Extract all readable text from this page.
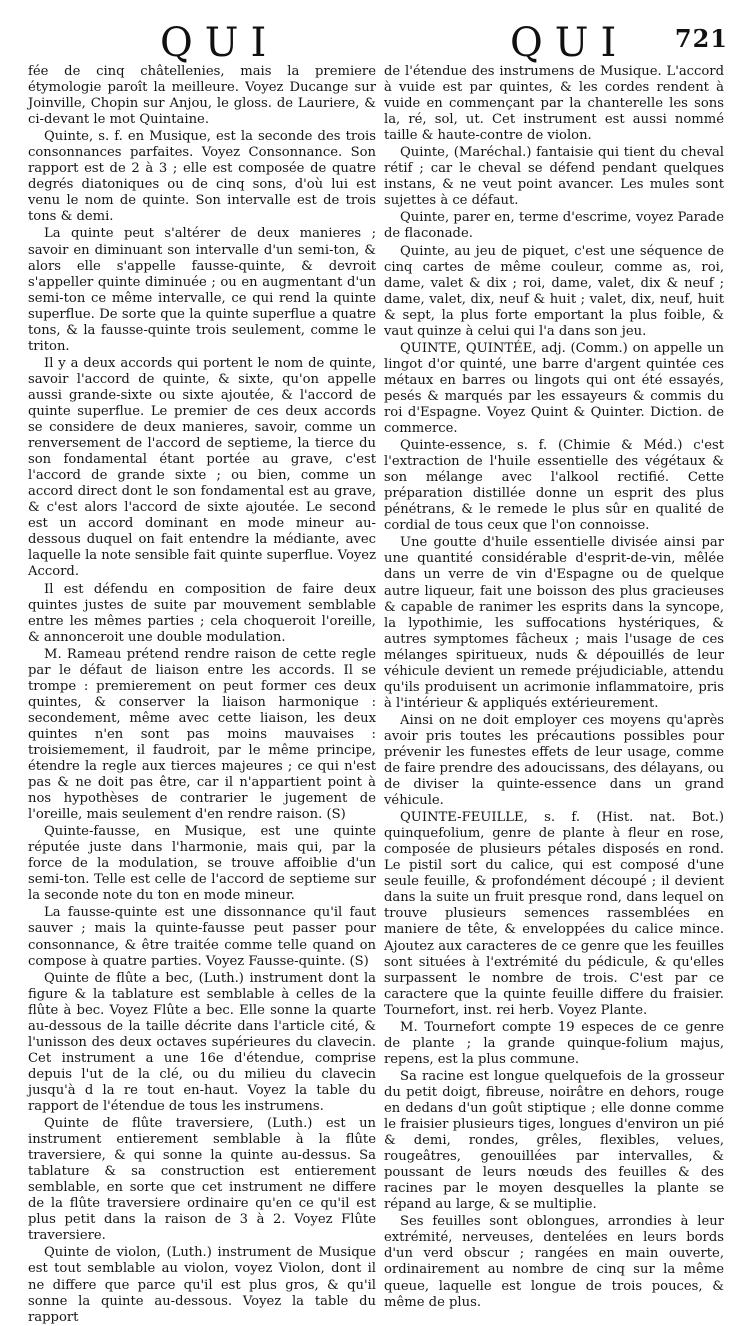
QUI	QUI 721

fée de cinq châtellenies, mais la premiere étymologie paroît la meilleure. Voyez Ducange sur Joinville, Chopin sur Anjou, le gloss. de Lauriere, & ci-devant le mot Quintaine.

Quinte, s. f. en Musique, est la seconde des trois consonnances parfaites. Voyez Consonnance. Son rapport est de 2 à 3 ; elle est composée de quatre degrés diatoniques ou de cinq sons, d'où lui est venu le nom de quinte. Son intervalle est de trois tons & demi.

La quinte peut s'altérer de deux manieres ; savoir en diminuant son intervalle d'un semi-ton, & alors elle s'appelle fausse-quinte, & devroit s'appeller quinte diminuée ; ou en augmentant d'un semi-ton ce même intervalle, ce qui rend la quinte superflue. De sorte que la quinte superflue a quatre tons, & la fausse-quinte trois seulement, comme le triton.

Il y a deux accords qui portent le nom de quinte, savoir l'accord de quinte, & sixte, qu'on appelle aussi grande-sixte ou sixte ajoutée, & l'accord de quinte superflue. Le premier de ces deux accords se considere de deux manieres, savoir, comme un renversement de l'accord de septieme, la tierce du son fondamental étant portée au grave, c'est l'accord de grande sixte ; ou bien, comme un accord direct dont le son fondamental est au grave, & c'est alors l'accord de sixte ajoutée. Le second est un accord dominant en mode mineur au-dessous duquel on fait entendre la médiante, avec laquelle la note sensible fait quinte superflue. Voyez Accord.

Il est défendu en composition de faire deux quintes justes de suite par mouvement semblable entre les mêmes parties ; cela choqueroit l'oreille, & annonceroit une double modulation.

M. Rameau prétend rendre raison de cette regle par le défaut de liaison entre les accords. Il se trompe : premierement on peut former ces deux quintes, & conserver la liaison harmonique : secondement, même avec cette liaison, les deux quintes n'en sont pas moins mauvaises : troisiemement, il faudroit, par le même principe, étendre la regle aux tierces majeures ; ce qui n'est pas & ne doit pas être, car il n'appartient point à nos hypothèses de contrarier le jugement de l'oreille, mais seulement d'en rendre raison. (S)

Quinte-fausse, en Musique, est une quinte réputée juste dans l'harmonie, mais qui, par la force de la modulation, se trouve affoiblie d'un semi-ton. Telle est celle de l'accord de septieme sur la seconde note du ton en mode mineur.

La fausse-quinte est une dissonnance qu'il faut sauver ; mais la quinte-fausse peut passer pour consonnance, & être traitée comme telle quand on compose à quatre parties. Voyez Fausse-quinte. (S)

Quinte de flûte a bec, (Luth.) instrument dont la figure & la tablature est semblable à celles de la flûte à bec. Voyez Flûte a bec. Elle sonne la quarte au-dessous de la taille décrite dans l'article cité, & l'unisson des deux octaves supérieures du clavecin. Cet instrument a une 16e d'étendue, comprise depuis l'ut de la clé, ou du milieu du clavecin jusqu'à d la re tout en-haut. Voyez la table du rapport de l'étendue de tous les instrumens.

Quinte de flûte traversiere, (Luth.) est un instrument entierement semblable à la flûte traversiere, & qui sonne la quinte au-dessus. Sa tablature & sa construction est entierement semblable, en sorte que cet instrument ne differe de la flûte traversiere ordinaire qu'en ce qu'il est plus petit dans la raison de 3 à 2. Voyez Flûte traversiere.

Quinte de violon, (Luth.) instrument de Musique est tout semblable au violon, voyez Violon, dont il ne differe que parce qu'il est plus gros, & qu'il sonne la quinte au-dessous. Voyez la table du rapport

de l'étendue des instrumens de Musique. L'accord à vuide est par quintes, & les cordes rendent à vuide en commençant par la chanterelle les sons la, ré, sol, ut. Cet instrument est aussi nommé taille & haute-contre de violon.

Quinte, (Maréchal.) fantaisie qui tient du cheval rétif ; car le cheval se défend pendant quelques instans, & ne veut point avancer. Les mules sont sujettes à ce défaut.

Quinte, parer en, terme d'escrime, voyez Parade de flaconade.

Quinte, au jeu de piquet, c'est une séquence de cinq cartes de même couleur, comme as, roi, dame, valet & dix ; roi, dame, valet, dix & neuf ; dame, valet, dix, neuf & huit ; valet, dix, neuf, huit & sept, la plus forte emportant la plus foible, & vaut quinze à celui qui l'a dans son jeu.

QUINTE, QUINTÉE, adj. (Comm.) on appelle un lingot d'or quinté, une barre d'argent quintée ces métaux en barres ou lingots qui ont été essayés, pesés & marqués par les essayeurs & commis du roi d'Espagne. Voyez Quint & Quinter. Diction. de commerce.

Quinte-essence, s. f. (Chimie & Méd.) c'est l'extraction de l'huile essentielle des végétaux & son mélange avec l'alkool rectifié. Cette préparation distillée donne un esprit des plus pénétrans, & le remede le plus sûr en qualité de cordial de tous ceux que l'on connoisse.

Une goutte d'huile essentielle divisée ainsi par une quantité considérable d'esprit-de-vin, mêlée dans un verre de vin d'Espagne ou de quelque autre liqueur, fait une boisson des plus gracieuses & capable de ranimer les esprits dans la syncope, la lypothimie, les suffocations hystériques, & autres symptomes fâcheux ; mais l'usage de ces mélanges spiritueux, nuds & dépouillés de leur véhicule devient un remede préjudiciable, attendu qu'ils produisent un acrimonie inflammatoire, pris à l'intérieur & appliqués extérieurement.

Ainsi on ne doit employer ces moyens qu'après avoir pris toutes les précautions possibles pour prévenir les funestes effets de leur usage, comme de faire prendre des adoucissans, des délayans, ou de diviser la quinte-essence dans un grand véhicule.

QUINTE-FEUILLE, s. f. (Hist. nat. Bot.) quinquefolium, genre de plante à fleur en rose, composée de plusieurs pétales disposés en rond. Le pistil sort du calice, qui est composé d'une seule feuille, & profondément découpé ; il devient dans la suite un fruit presque rond, dans lequel on trouve plusieurs semences rassemblées en maniere de tête, & enveloppées du calice mince. Ajoutez aux caracteres de ce genre que les feuilles sont situées à l'extrémité du pédicule, & qu'elles surpassent le nombre de trois. C'est par ce caractere que la quinte feuille differe du fraisier. Tournefort, inst. rei herb. Voyez Plante.

M. Tournefort compte 19 especes de ce genre de plante ; la grande quinque-folium majus, repens, est la plus commune.

Sa racine est longue quelquefois de la grosseur du petit doigt, fibreuse, noirâtre en dehors, rouge en dedans d'un goût stiptique ; elle donne comme le fraisier plusieurs tiges, longues d'environ un pié & demi, rondes, grêles, flexibles, velues, rougeâtres, genouillées par intervalles, & poussant de leurs nœuds des feuilles & des racines par le moyen desquelles la plante se répand au large, & se multiplie.

Ses feuilles sont oblongues, arrondies à leur extrémité, nerveuses, dentelées en leurs bords d'un verd obscur ; rangées en main ouverte, ordinairement au nombre de cinq sur la même queue, laquelle est longue de trois pouces, & même de plus.
